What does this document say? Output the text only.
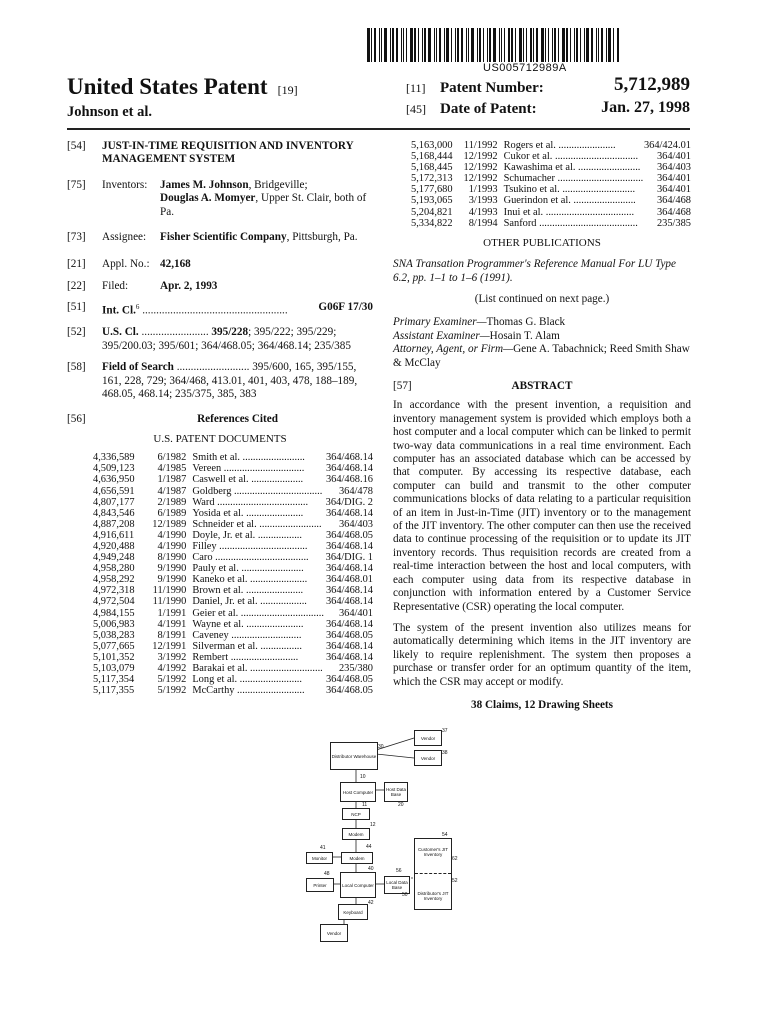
US005712989A
United States Patent [19]
Johnson et al.
[11] Patent Number:	5,712,989
[45] Date of Patent:	Jan. 27, 1998
[54]	JUST-IN-TIME REQUISITION AND INVENTORY MANAGEMENT SYSTEM
[75]	Inventors:	James M. Johnson, Bridgeville;
Douglas A. Momyer, Upper St. Clair, both of Pa.
[73]	Assignee:	Fisher Scientific Company, Pittsburgh, Pa.
[21]	Appl. No.: 42,168
[22]	Filed:	Apr. 2, 1993
[51]	Int. Cl.$^6$ ....................................................	G06F 17/30
[52]	U.S. Cl. ........................ 395/228; 395/222; 395/229; 395/200.03; 395/601; 364/468.05; 364/468.14; 235/385
[58]	Field of Search .......................... 395/600, 165, 395/155, 161, 228, 729; 364/468, 413.01, 401, 403, 478, 188–189, 468.05, 468.14; 235/375, 385, 383
[56]	References Cited
U.S. PATENT DOCUMENTS
4,336,589	6/1982	Smith et al. ........................	364/468.14
4,509,123	4/1985	Vereen ...............................	364/468.14
4,636,950	1/1987	Caswell et al. ....................	364/468.16
4,656,591	4/1987	Goldberg ..................................	364/478
4,807,177	2/1989	Ward ...................................	364/DIG. 2
4,843,546	6/1989	Yosida et al. ......................	364/468.14
4,887,208	12/1989	Schneider et al. ........................	364/403
4,916,611	4/1990	Doyle, Jr. et al. .................	364/468.05
4,920,488	4/1990	Filley ..................................	364/468.14
4,949,248	8/1990	Caro ....................................	364/DIG. 1
4,958,280	9/1990	Pauly et al. ........................	364/468.14
4,958,292	9/1990	Kaneko et al. ......................	364/468.01
4,972,318	11/1990	Brown et al. ......................	364/468.14
4,972,504	11/1990	Daniel, Jr. et al. ..................	364/468.14
4,984,155	1/1991	Geier et al. ................................	364/401
5,006,983	4/1991	Wayne et al. ......................	364/468.14
5,038,283	8/1991	Caveney ...........................	364/468.05
5,077,665	12/1991	Silverman et al. ................	364/468.14
5,101,352	3/1992	Rembert ..........................	364/468.14
5,103,079	4/1992	Barakai et al. ............................	235/380
5,117,354	5/1992	Long et al. ........................	364/468.05
5,117,355	5/1992	McCarthy ..........................	364/468.05
5,163,000	11/1992	Rogers et al. ......................	364/424.01
5,168,444	12/1992	Cukor et al. ................................	364/401
5,168,445	12/1992	Kawashima et al. ........................	364/403
5,172,313	12/1992	Schumacher .................................	364/401
5,177,680	1/1993	Tsukino et al. ............................	364/401
5,193,065	3/1993	Guerindon et al. ........................	364/468
5,204,821	4/1993	Inui et al. ..................................	364/468
5,334,822	8/1994	Sanford ......................................	235/385
OTHER PUBLICATIONS
SNA Transation Programmer's Reference Manual For LU Type 6.2, pp. 1–1 to 1–6 (1991).
(List continued on next page.)
Primary Examiner—Thomas G. Black
Assistant Examiner—Hosain T. Alam
Attorney, Agent, or Firm—Gene A. Tabachnick; Reed Smith Shaw & McClay
[57]	ABSTRACT

In accordance with the present invention, a requisition and inventory management system is provided which employs both a host computer and a local computer which can be linked to permit two-way data communications in a real time environment. Each computer has an associated database which can be accessed by that computer. By accessing its respective database, each computer can build and transmit to the other computer communications blocks of data relating to a particular requisition of an item in Just-in-Time (JIT) inventory or to the management of the JIT inventory. The other computer can then use the received data to continue processing of the requisition or to update its JIT inventory records. Thus requisition records are created from a real-time interaction between the host and local computers, with each computer using data from its respective database in conjunction with information entered by a Customer Service Representative (CSR) operating the local computer.

The system of the present invention also utilizes means for automatically determining which items in the JIT inventory are likely to require replenishment. The system then proposes a purchase or transfer order for an optimum quantity of the item, which the CSR may accept or modify.

38 Claims, 12 Drawing Sheets
Distributor Warehouse
Vendor
Vendor
Host Computer	Host Data Base
NCP
Modem
Monitor	Modem
Printer	Local Computer	Local Data Base
Keyboard
Customer's JIT Inventory
Distributor's JIT Inventory
Vendor
37
30
38
10
20
11
12
54
41	44
56
48
40
50
52
42
62
